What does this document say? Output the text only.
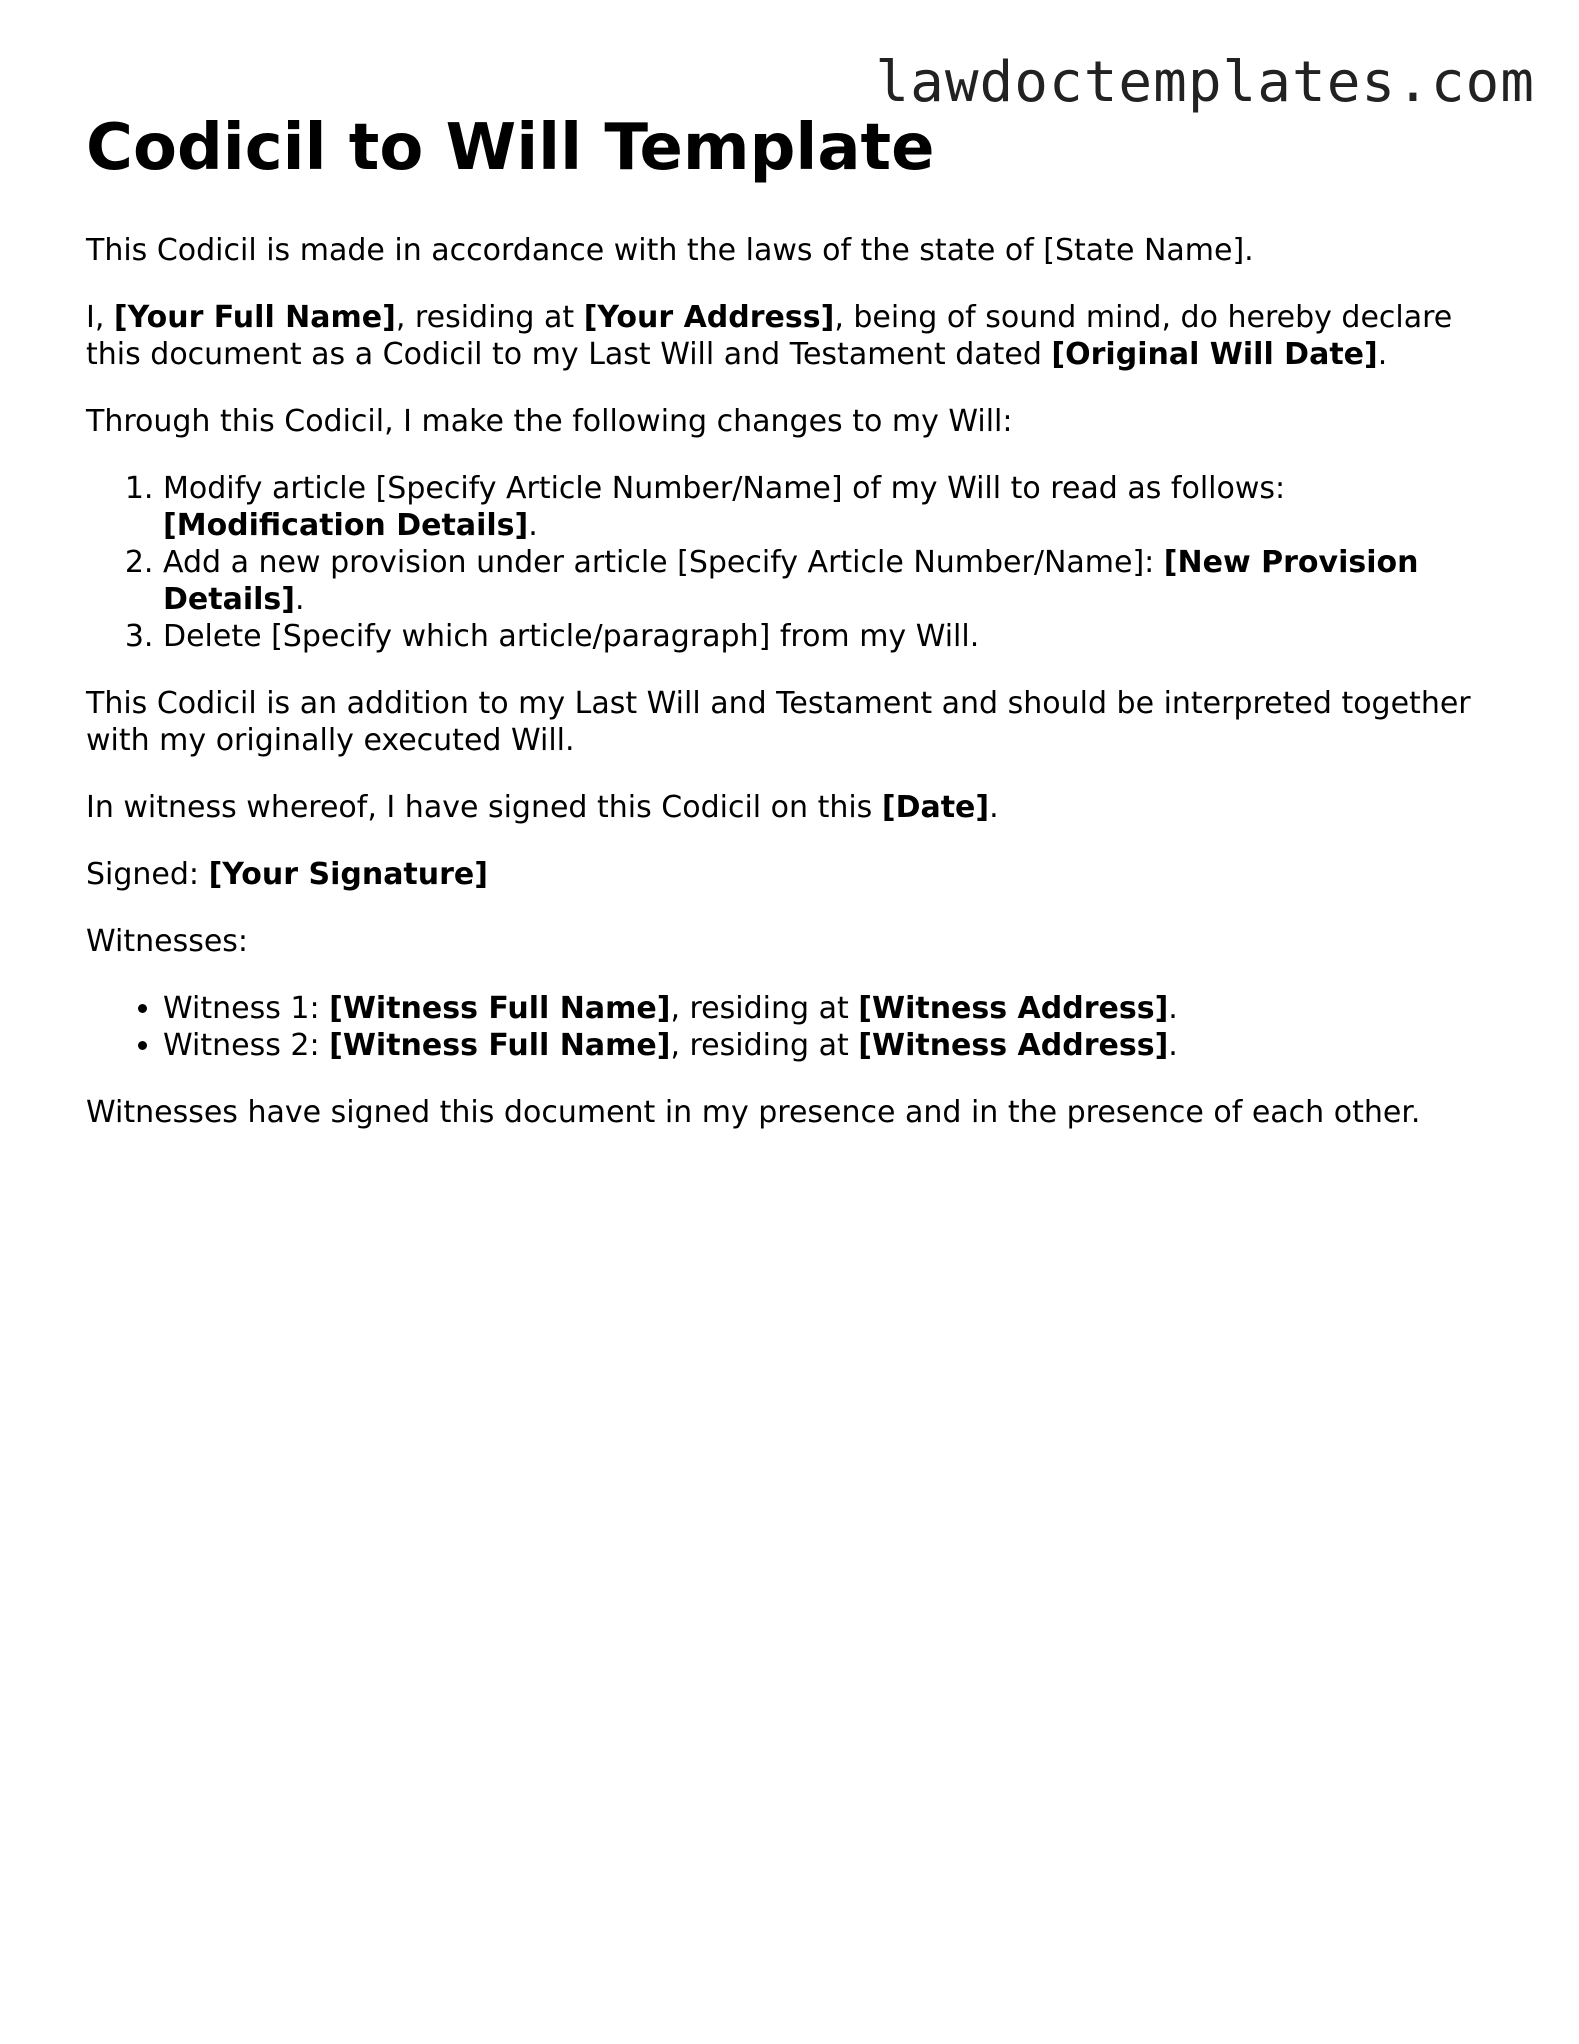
lawdoctemplates.com
Codicil to Will Template

This Codicil is made in accordance with the laws of the state of [State Name].

I, [Your Full Name], residing at [Your Address], being of sound mind, do hereby declare this document as a Codicil to my Last Will and Testament dated [Original Will Date].

Through this Codicil, I make the following changes to my Will:

1. Modify article [Specify Article Number/Name] of my Will to read as follows: [Modification Details].
2. Add a new provision under article [Specify Article Number/Name]: [New Provision Details].
3. Delete [Specify which article/paragraph] from my Will.

This Codicil is an addition to my Last Will and Testament and should be interpreted together with my originally executed Will.

In witness whereof, I have signed this Codicil on this [Date].

Signed: [Your Signature]

Witnesses:

• Witness 1: [Witness Full Name], residing at [Witness Address].
• Witness 2: [Witness Full Name], residing at [Witness Address].

Witnesses have signed this document in my presence and in the presence of each other.
